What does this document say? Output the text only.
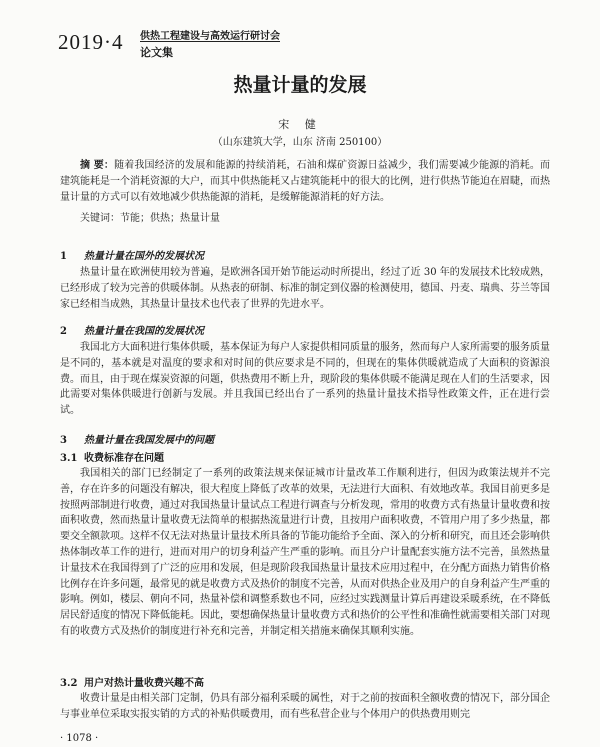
2019·4 供热工程建设与高效运行研讨会
论文集
热量计量的发展
宋 健
（山东建筑大学，山东 济南 250100）
摘 要：随着我国经济的发展和能源的持续消耗，石油和煤矿资源日益减少，我们需要减少能源的消耗。而建筑能耗是一个消耗资源的大户，而其中供热能耗又占建筑能耗中的很大的比例，进行供热节能迫在眉睫，而热量计量的方式可以有效地减少供热能源的消耗，是缓解能源消耗的好方法。
关键词：节能；供热；热量计量
1 热量计量在国外的发展状况
热量计量在欧洲使用较为普遍，是欧洲各国开始节能运动时所提出，经过了近 30 年的发展技术比较成熟，已经形成了较为完善的供暖体制。从热表的研制、标准的制定到仪器的检测使用，德国、丹麦、瑞典、芬兰等国家已经相当成熟，其热量计量技术也代表了世界的先进水平。
2 热量计量在我国的发展状况
我国北方大面积进行集体供暖，基本保证为每户人家提供相同质量的服务，然而每户人家所需要的服务质量是不同的，基本就是对温度的要求和对时间的供应要求是不同的，但现在的集体供暖就造成了大面积的资源浪费。而且，由于现在煤炭资源的问题，供热费用不断上升，现阶段的集体供暖不能满足现在人们的生活要求，因此需要对集体供暖进行创新与发展。并且我国已经出台了一系列的热量计量技术指导性政策文件，正在进行尝试。
3 热量计量在我国发展中的问题
3.1 收费标准存在问题
我国相关的部门已经制定了一系列的政策法规来保证城市计量改革工作顺利进行，但因为政策法规并不完善，存在许多的问题没有解决，很大程度上降低了改革的效果，无法进行大面积、有效地改革。我国目前更多是按照两部制进行收费，通过对我国热量计量试点工程进行调查与分析发现，常用的收费方式有热量计量收费和按面积收费，然而热量计量收费无法简单的根据热流量进行计费，且按用户面积收费，不管用户用了多少热量，都要交全额款项。这样不仅无法对热量计量技术所具备的节能功能给予全面、深入的分析和研究，而且还会影响供热体制改革工作的进行，进而对用户的切身利益产生严重的影响。而且分户计量配套实施方法不完善，虽然热量计量技术在我国得到了广泛的应用和发展，但是现阶段我国热量计量技术应用过程中，在分配方面热力销售价格比例存在许多问题，最常见的就是收费方式及热价的制度不完善，从而对供热企业及用户的自身利益产生严重的影响。例如，楼层、朝向不同，热量补偿和调整系数也不同，应经过实践测量计算后再建设采暖系统，在不降低居民舒适度的情况下降低能耗。因此，要想确保热量计量收费方式和热价的公平性和准确性就需要相关部门对现有的收费方式及热价的制度进行补充和完善，并制定相关措施来确保其顺利实施。
3.2 用户对热计量收费兴趣不高
收费计量是由相关部门定制，仍具有部分福利采暖的属性，对于之前的按面积全额收费的情况下，部分国企与事业单位采取实报实销的方式的补贴供暖费用，而有些私营企业与个体用户的供热费用则完
· 1078 ·
